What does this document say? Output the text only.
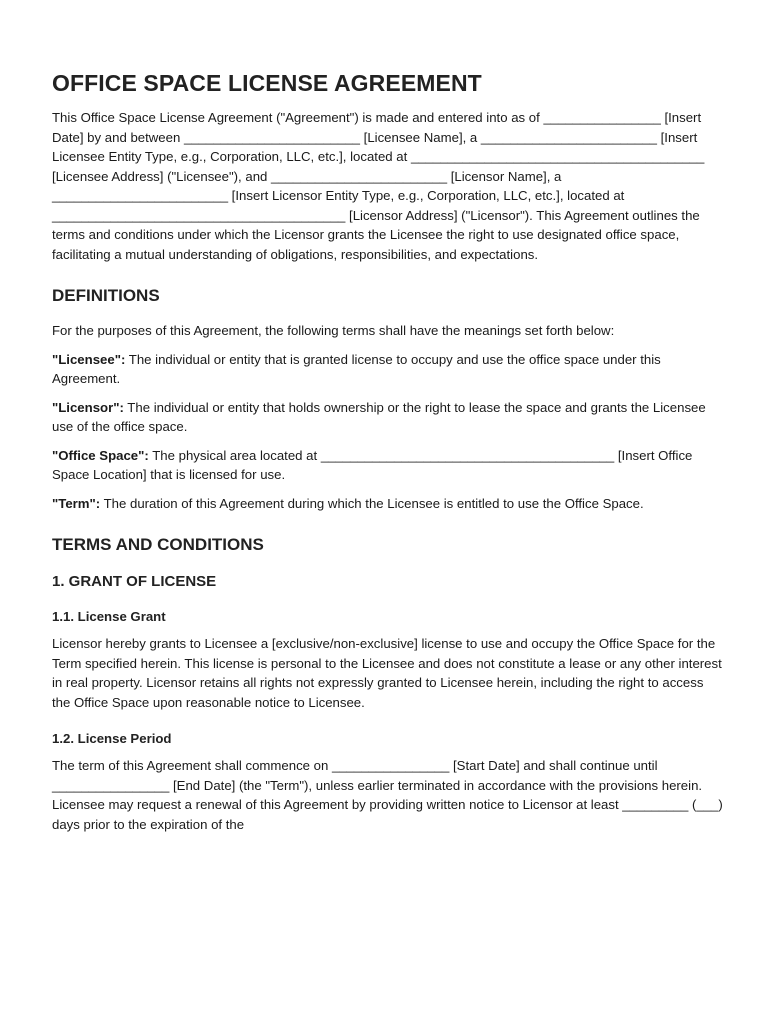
OFFICE SPACE LICENSE AGREEMENT

This Office Space License Agreement ("Agreement") is made and entered into as of ________________ [Insert Date] by and between ________________________ [Licensee Name], a ________________________ [Insert Licensee Entity Type, e.g., Corporation, LLC, etc.], located at ________________________________________ [Licensee Address] ("Licensee"), and ________________________ [Licensor Name], a ________________________ [Insert Licensor Entity Type, e.g., Corporation, LLC, etc.], located at ________________________________________ [Licensor Address] ("Licensor"). This Agreement outlines the terms and conditions under which the Licensor grants the Licensee the right to use designated office space, facilitating a mutual understanding of obligations, responsibilities, and expectations.

DEFINITIONS

For the purposes of this Agreement, the following terms shall have the meanings set forth below:

"Licensee": The individual or entity that is granted license to occupy and use the office space under this Agreement.

"Licensor": The individual or entity that holds ownership or the right to lease the space and grants the Licensee use of the office space.

"Office Space": The physical area located at ________________________________________ [Insert Office Space Location] that is licensed for use.

"Term": The duration of this Agreement during which the Licensee is entitled to use the Office Space.

TERMS AND CONDITIONS
1. GRANT OF LICENSE
1.1. License Grant

Licensor hereby grants to Licensee a [exclusive/non-exclusive] license to use and occupy the Office Space for the Term specified herein. This license is personal to the Licensee and does not constitute a lease or any other interest in real property. Licensor retains all rights not expressly granted to Licensee herein, including the right to access the Office Space upon reasonable notice to Licensee.

1.2. License Period

The term of this Agreement shall commence on ________________ [Start Date] and shall continue until ________________ [End Date] (the "Term"), unless earlier terminated in accordance with the provisions herein. Licensee may request a renewal of this Agreement by providing written notice to Licensor at least _________ (___) days prior to the expiration of the
